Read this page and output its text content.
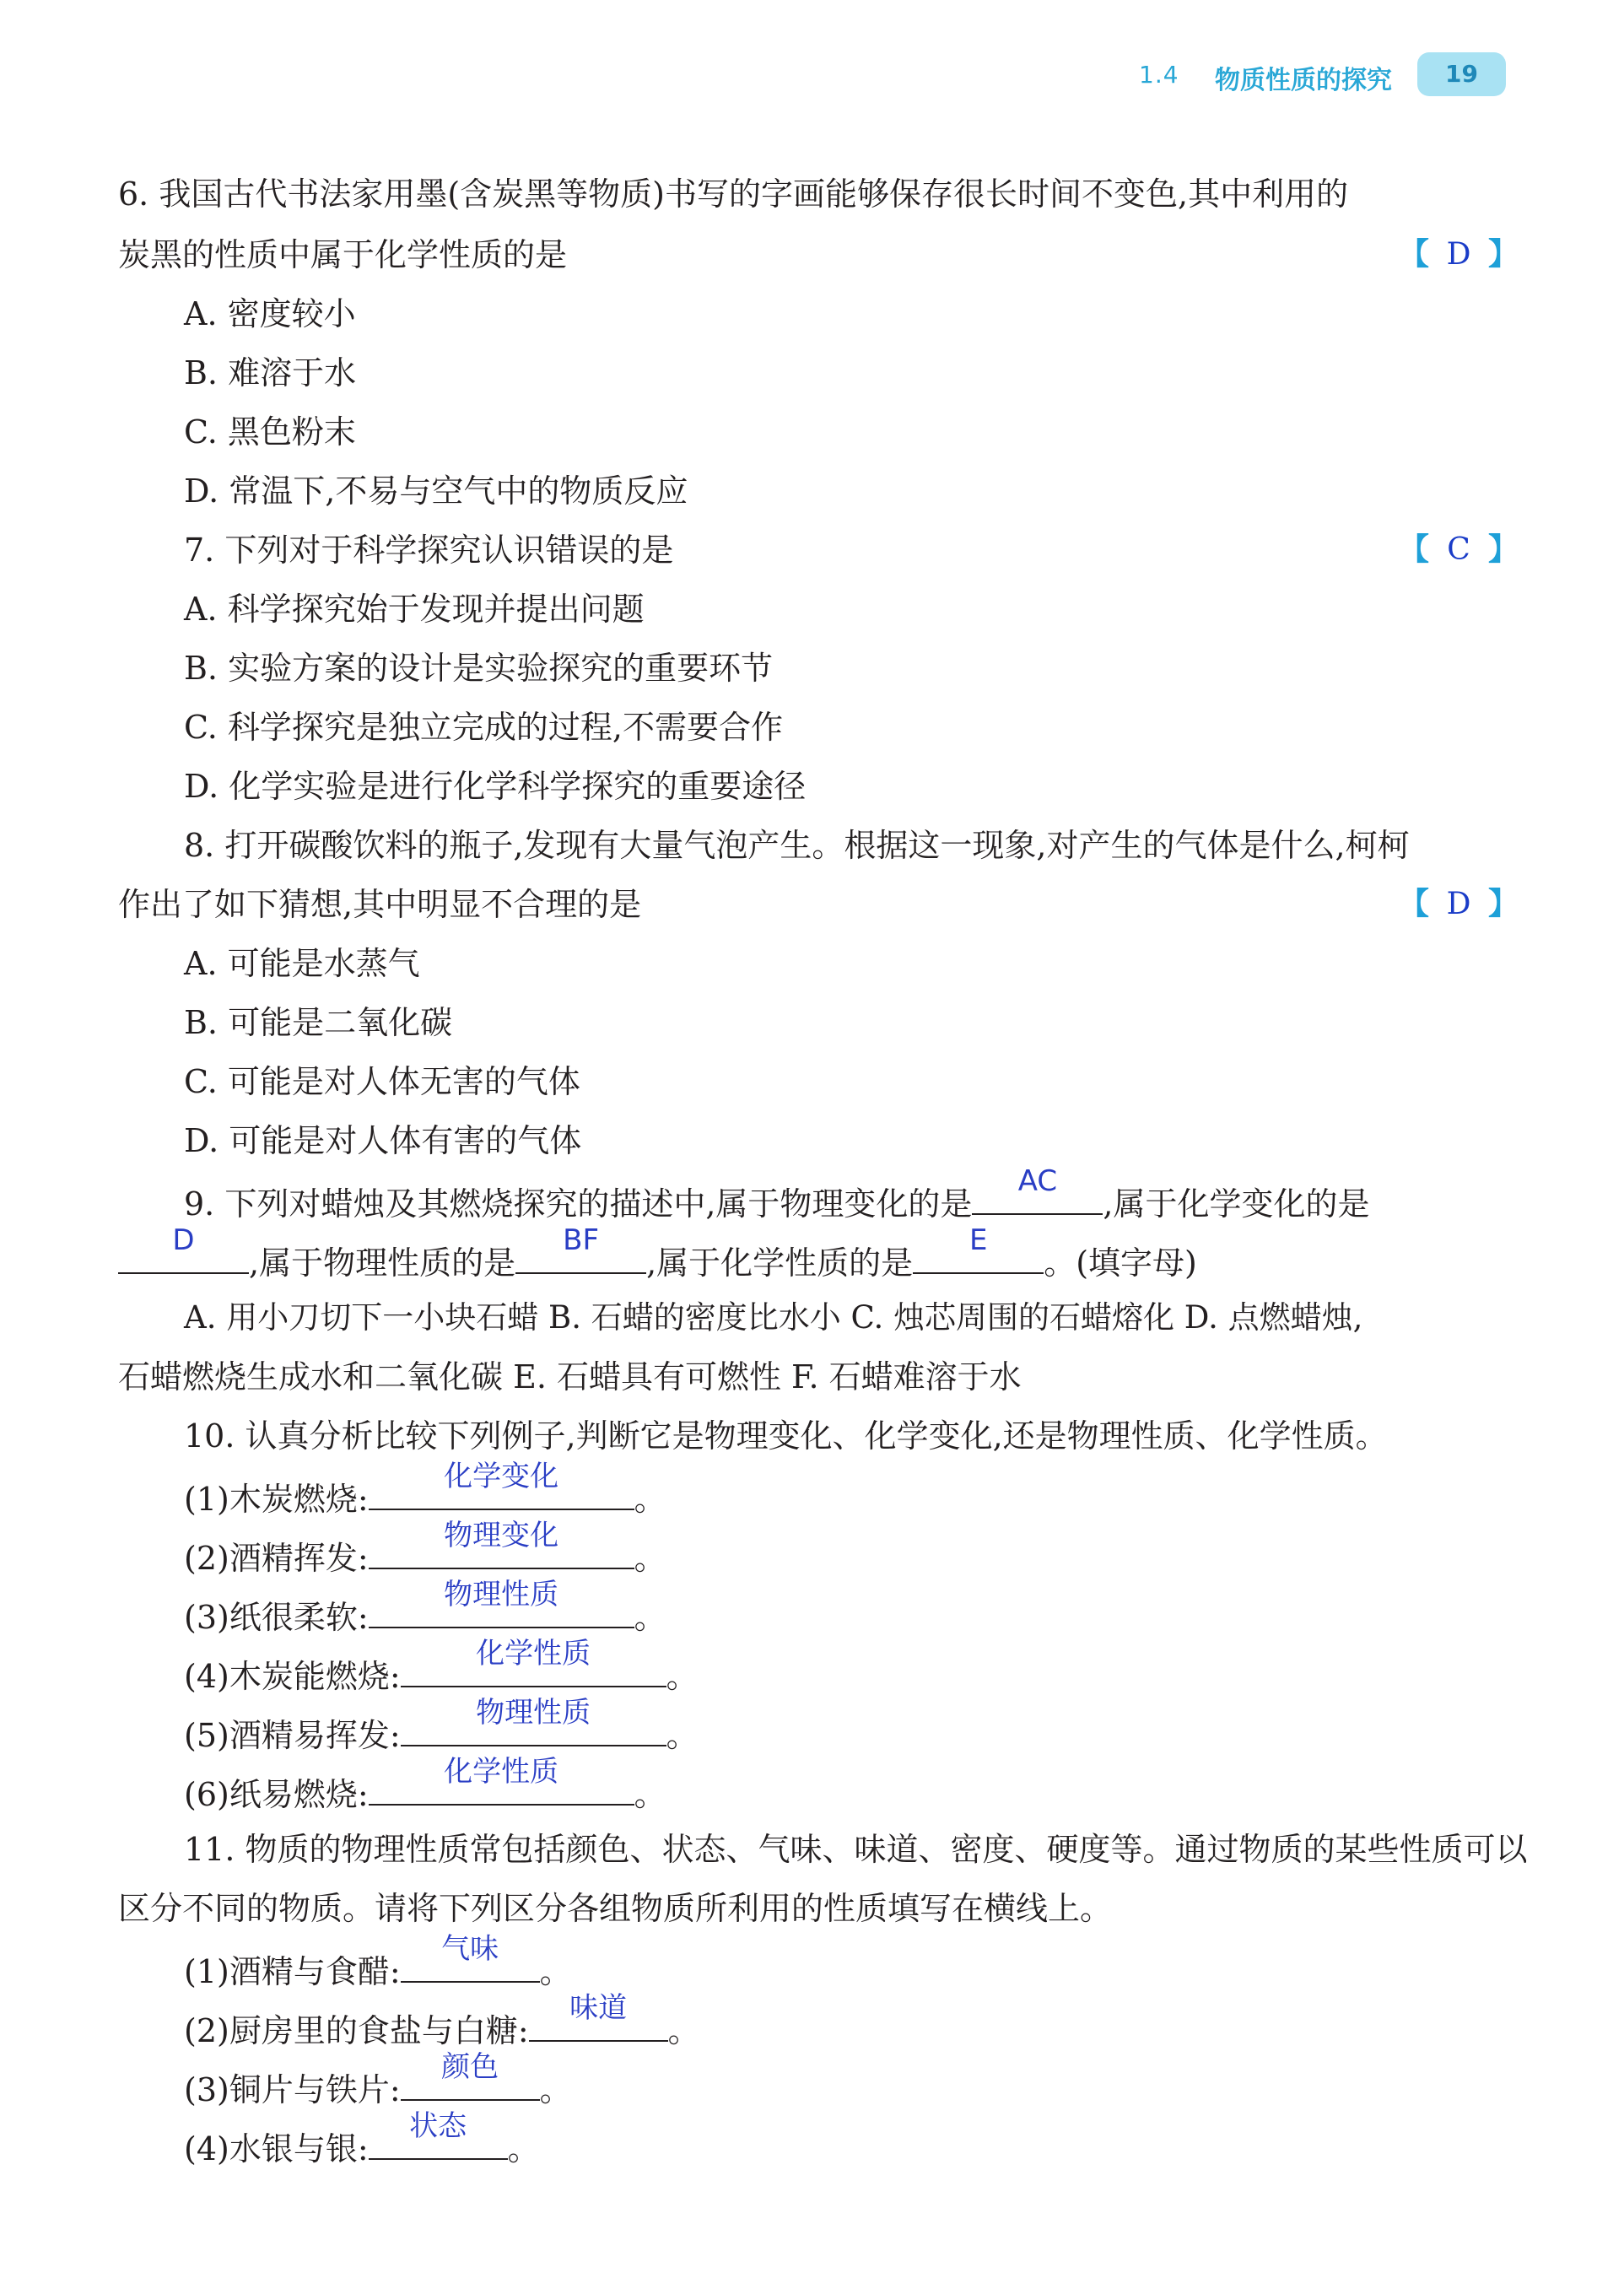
1.4 物质性质的探究	19
6. 我国古代书法家用墨(含炭黑等物质)书写的字画能够保存很长时间不变色,其中利用的
炭黑的性质中属于化学性质的是	【 D 】
A. 密度较小
B. 难溶于水
C. 黑色粉末
D. 常温下,不易与空气中的物质反应
7. 下列对于科学探究认识错误的是	【 C 】
A. 科学探究始于发现并提出问题
B. 实验方案的设计是实验探究的重要环节
C. 科学探究是独立完成的过程,不需要合作
D. 化学实验是进行化学科学探究的重要途径
8. 打开碳酸饮料的瓶子,发现有大量气泡产生。根据这一现象,对产生的气体是什么,柯柯
作出了如下猜想,其中明显不合理的是	【 D 】
A. 可能是水蒸气
B. 可能是二氧化碳
C. 可能是对人体无害的气体
D. 可能是对人体有害的气体
9. 下列对蜡烛及其燃烧探究的描述中,属于物理变化的是
AC
,属于化学变化的是
D
,属于物理性质的是
BF
,属于化学性质的是
E
。(填字母)
A. 用小刀切下一小块石蜡 B. 石蜡的密度比水小 C. 烛芯周围的石蜡熔化 D. 点燃蜡烛,
石蜡燃烧生成水和二氧化碳 E. 石蜡具有可燃性 F. 石蜡难溶于水
10. 认真分析比较下列例子,判断它是物理变化、化学变化,还是物理性质、化学性质。
(1)木炭燃烧:
化学变化
。
(2)酒精挥发:
物理变化
。
(3)纸很柔软:
物理性质
。
(4)木炭能燃烧:
化学性质
。
(5)酒精易挥发:
物理性质
。
(6)纸易燃烧:
化学性质
。
11. 物质的物理性质常包括颜色、状态、气味、味道、密度、硬度等。通过物质的某些性质可以
区分不同的物质。请将下列区分各组物质所利用的性质填写在横线上。
(1)酒精与食醋:
气味
。
(2)厨房里的食盐与白糖:
味道
。
(3)铜片与铁片:
颜色
。
(4)水银与银:
状态
。
